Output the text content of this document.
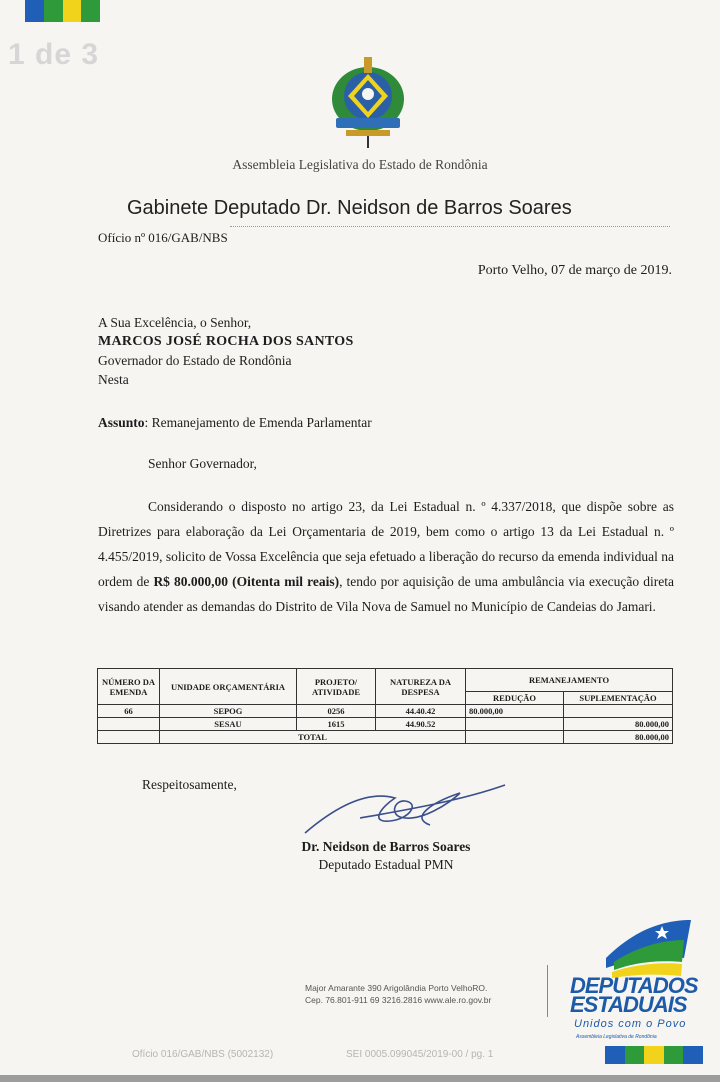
1 de 3
Assembleia Legislativa do Estado de Rondônia
Gabinete Deputado Dr. Neidson de Barros Soares
Ofício nº 016/GAB/NBS
Porto Velho, 07 de março de 2019.
A Sua Excelência, o Senhor,
MARCOS JOSÉ ROCHA DOS SANTOS
Governador do Estado de Rondônia
Nesta
Assunto: Remanejamento de Emenda Parlamentar
Senhor Governador,
Considerando o disposto no artigo 23, da Lei Estadual n. º 4.337/2018, que dispõe sobre as Diretrizes para elaboração da Lei Orçamentaria de 2019, bem como o artigo 13 da Lei Estadual n. º 4.455/2019, solicito de Vossa Excelência que seja efetuado a liberação do recurso da emenda individual na ordem de R$ 80.000,00 (Oitenta mil reais), tendo por aquisição de uma ambulância via execução direta visando atender as demandas do Distrito de Vila Nova de Samuel no Município de Candeias do Jamari.
NÚMERO DA EMENDA	UNIDADE ORÇAMENTÁRIA	PROJETO/ ATIVIDADE	NATUREZA DA DESPESA	REMANEJAMENTO	
				REDUÇÃO	SUPLEMENTAÇÃO
66	SEPOG	0256	44.40.42	80.000,00	
	SESAU	1615	44.90.52		80.000,00
	TOTAL				80.000,00
Respeitosamente,
Dr. Neidson de Barros Soares
Deputado Estadual PMN
Major Amarante 390 Arigolândia Porto VelhoRO.
Cep. 76.801-911 69 3216.2816 www.ale.ro.gov.br
DEPUTADOS
ESTADUAIS
Unidos com o Povo
Assembleia Legislativa de Rondônia
Ofício 016/GAB/NBS (5002132)	SEI 0005.099045/2019-00 / pg. 1
